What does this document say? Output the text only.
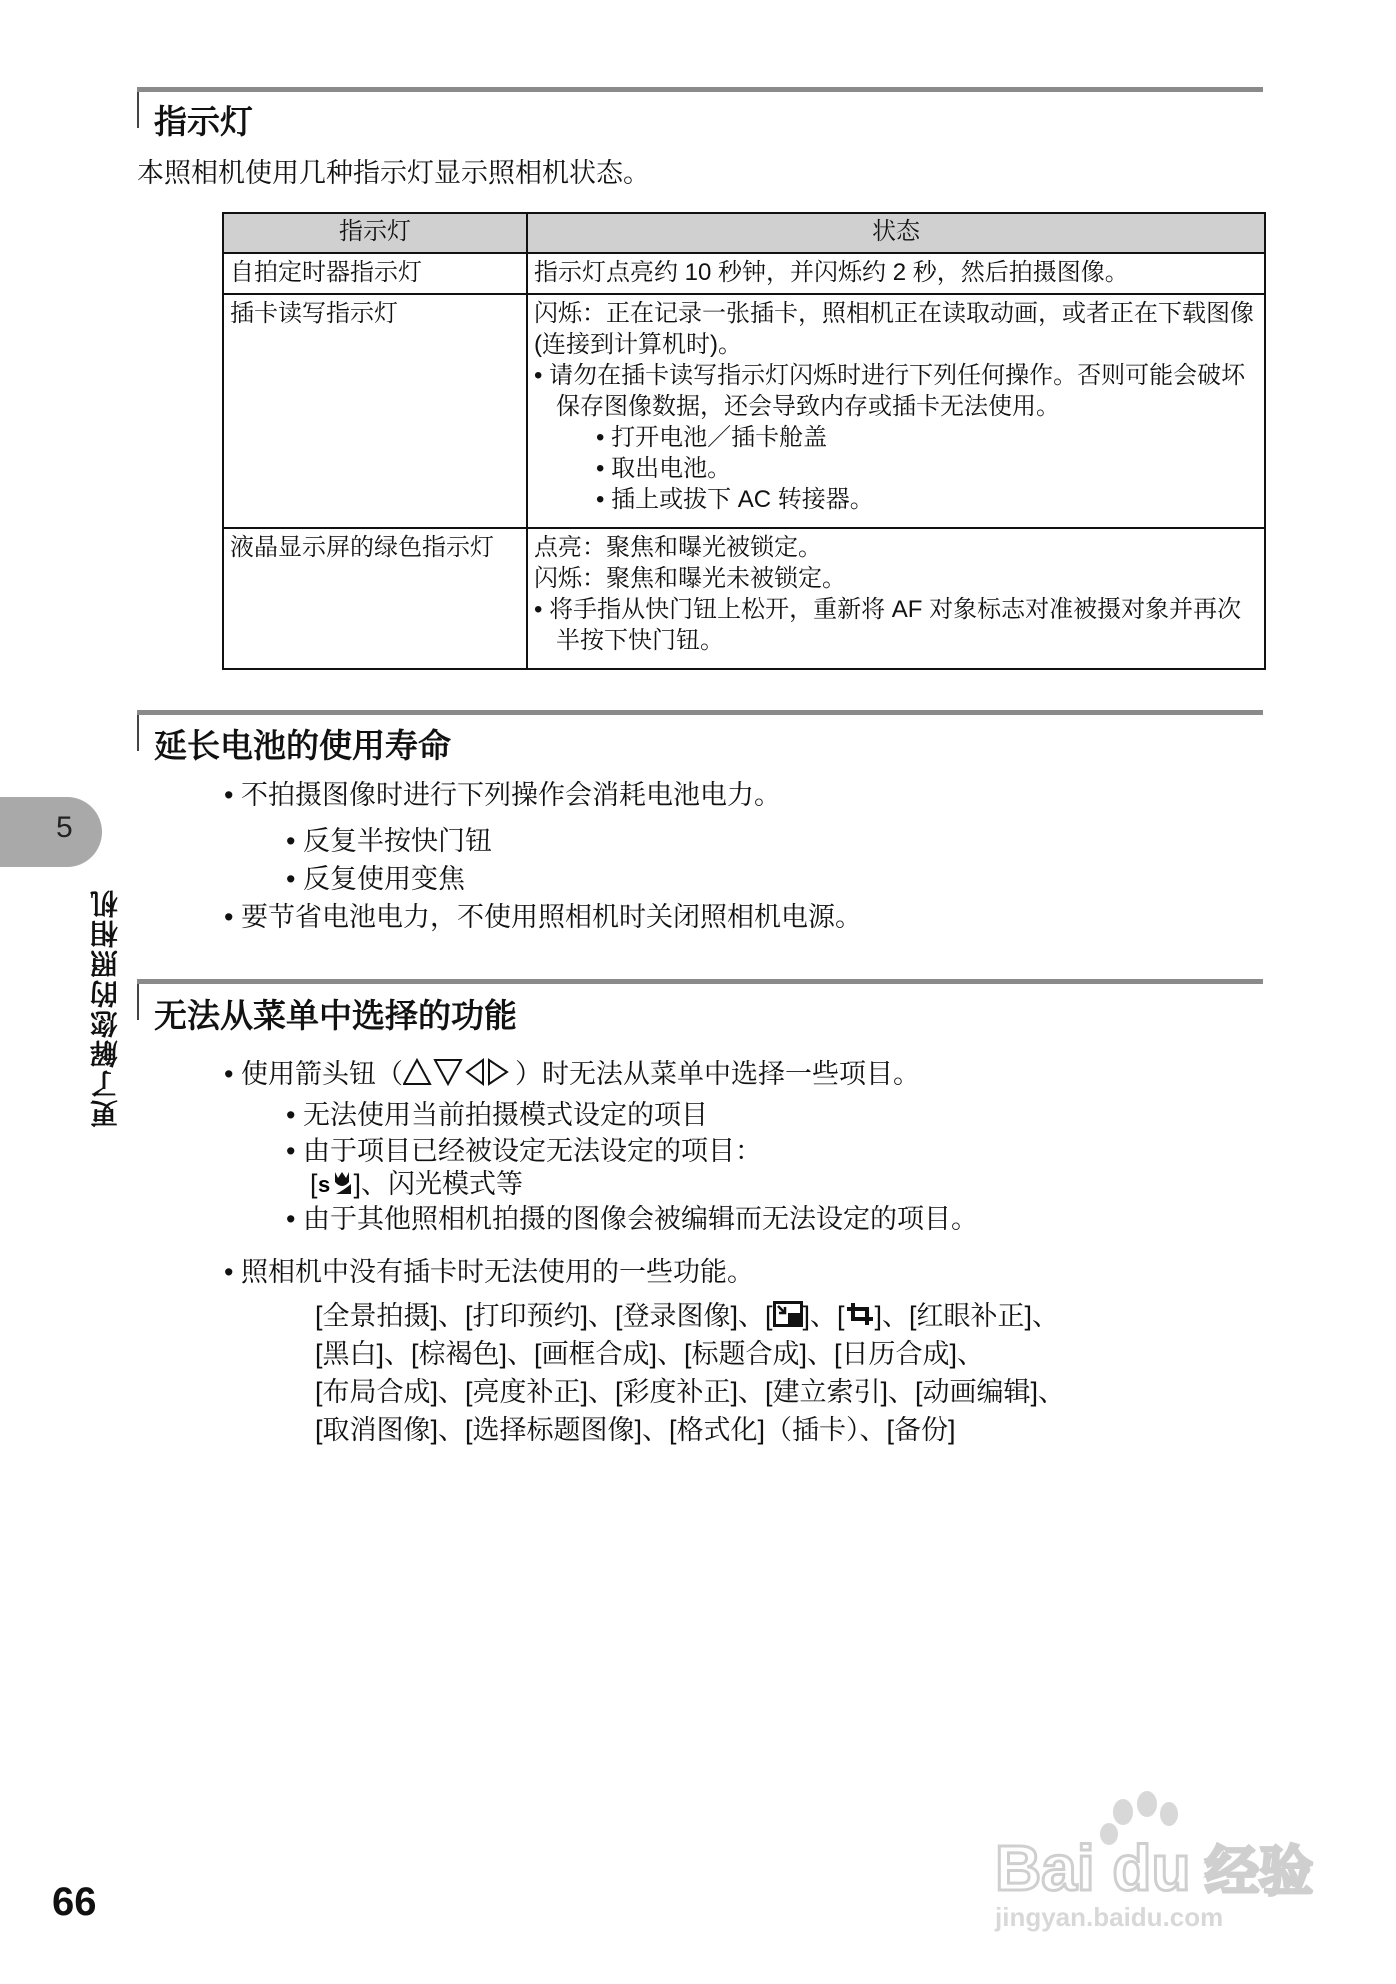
指示灯
本照相机使用几种指示灯显示照相机状态。
指示灯	状态
自拍定时器指示灯	指示灯点亮约 10 秒钟，并闪烁约 2 秒，然后拍摄图像。

插卡读写指示灯	闪烁：正在记录一张插卡，照相机正在读取动画，或者正在下载图像(连接到计算机时)。
• 请勿在插卡读写指示灯闪烁时进行下列任何操作。否则可能会破坏保存图像数据，还会导致内存或插卡无法使用。
• 打开电池／插卡舱盖
• 取出电池。
• 插上或拔下 AC 转接器。

液晶显示屏的绿色指示灯	点亮：聚焦和曝光被锁定。
闪烁：聚焦和曝光未被锁定。
• 将手指从快门钮上松开，重新将 AF 对象标志对准被摄对象并再次半按下快门钮。
延长电池的使用寿命
• 不拍摄图像时进行下列操作会消耗电池电力。
• 反复半按快门钮
• 反复使用变焦
• 要节省电池电力，不使用照相机时关闭照相机电源。
无法从菜单中选择的功能
• 使用箭头钮（	）时无法从菜单中选择一些项目。
• 无法使用当前拍摄模式设定的项目
• 由于项目已经被设定无法设定的项目：
[ s ]、闪光模式等
• 由于其他照相机拍摄的图像会被编辑而无法设定的项目。
• 照相机中没有插卡时无法使用的一些功能。
[全景拍摄]、[打印预约]、[登录图像]、[ ]、[ ]、[红眼补正]、
[黑白]、[棕褐色]、[画框合成]、[标题合成]、[日历合成]、
[布局合成]、[亮度补正]、[彩度补正]、[建立索引]、[动画编辑]、
[取消图像]、[选择标题图像]、[格式化]（插卡）、[备份]
5
更了解您的照相机
66	Bai du 经验
jingyan.baidu.com
